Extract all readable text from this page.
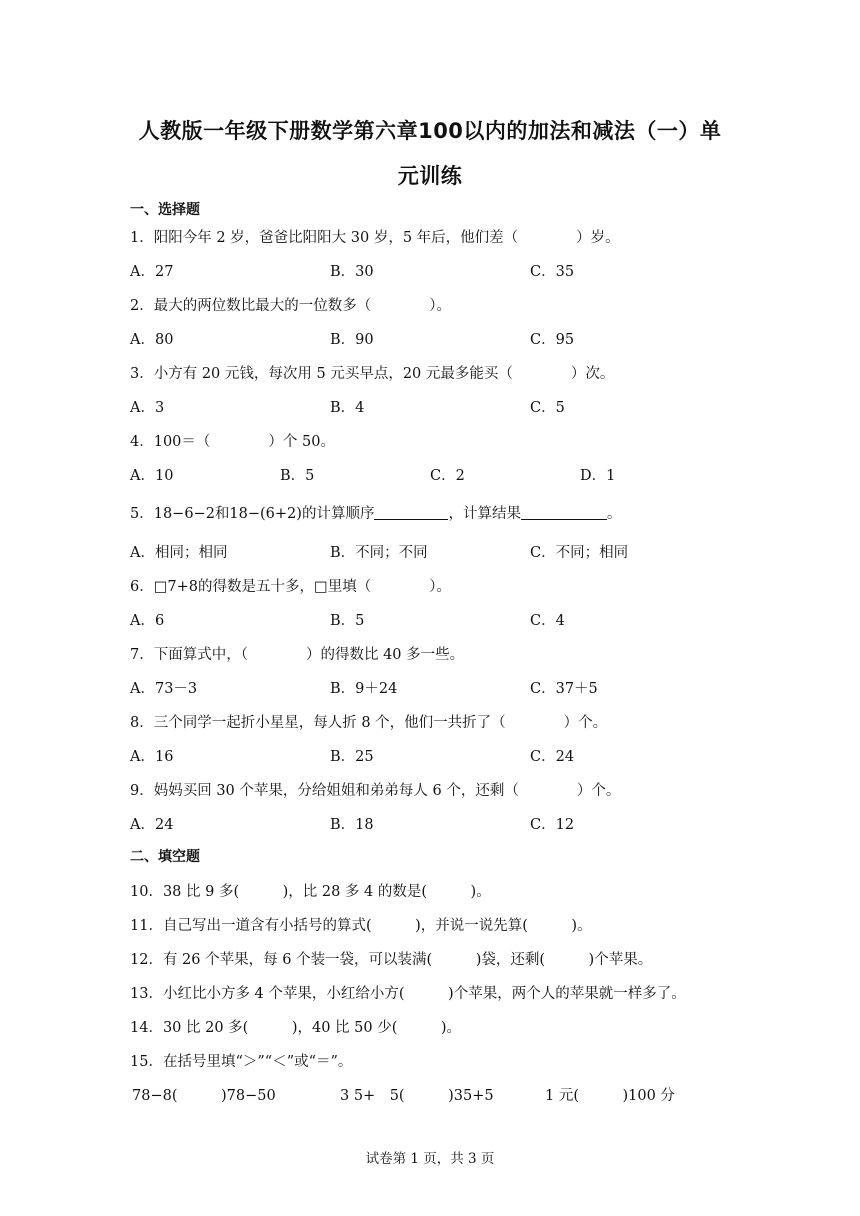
人教版一年级下册数学第六章100以内的加法和减法（一）单
元训练
一、选择题
1．阳阳今年 2 岁，爸爸比阳阳大 30 岁，5 年后，他们差（　　　　）岁。
A．27	B．30	C．35
2．最大的两位数比最大的一位数多（　　　　）。
A．80	B．90	C．95
3．小方有 20 元钱，每次用 5 元买早点，20 元最多能买（　　　　）次。
A．3	B．4	C．5
4．100＝（　　　　）个 50。
A．10	B．5	C．2	D．1
5．18−6−2和18−(6+2)的计算顺序	，计算结果	。
A．相同；相同	B．不同；不同	C．不同；相同
6．□7+8的得数是五十多，□里填（　　　　）。
A．6	B．5	C．4
7．下面算式中，（　　　　）的得数比 40 多一些。
A．73－3	B．9＋24	C．37＋5
8．三个同学一起折小星星，每人折 8 个，他们一共折了（　　　　）个。
A．16	B．25	C．24
9．妈妈买回 30 个苹果，分给姐姐和弟弟每人 6 个，还剩（　　　　）个。
A．24	B．18	C．12
二、填空题
10．38 比 9 多(　　　)，比 28 多 4 的数是(　　　)。
11．自己写出一道含有小括号的算式(　　　)，并说一说先算(　　　)。
12．有 26 个苹果，每 6 个装一袋，可以装满(　　　)袋，还剩(　　　)个苹果。
13．小红比小方多 4 个苹果，小红给小方(　　　)个苹果，两个人的苹果就一样多了。
14．30 比 20 多(　　　)，40 比 50 少(　　　)。
15．在括号里填“＞”“＜”或“＝”。
78−8(　　　)78−50	3 5+　5(　　　)35+5	1 元(　　　)100 分
试卷第 1 页，共 3 页
